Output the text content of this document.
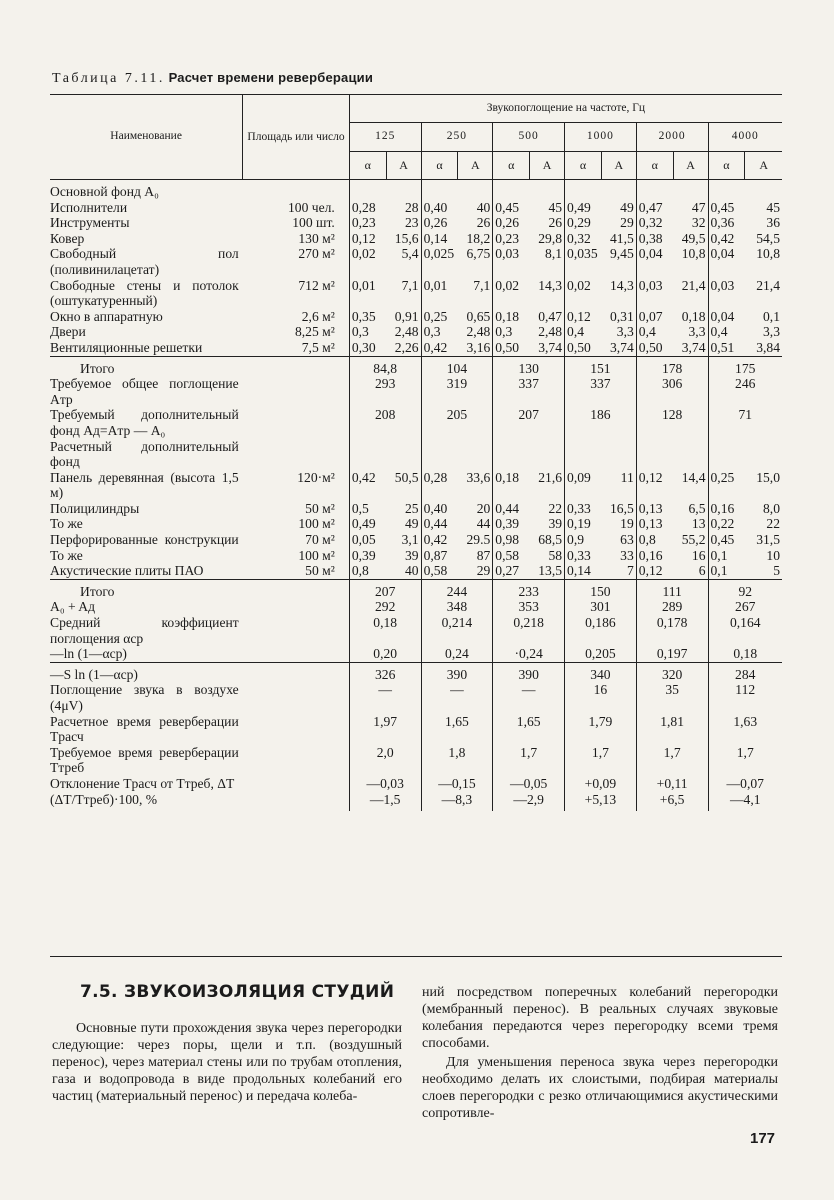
Таблица 7.11. Расчет времени реверберации
Наименование	Площадь или число	Звукопоглощение на частоте, Гц											
		125		250		500		1000		2000		4000	
		α	A	α	A	α	A	α	A	α	A	α	A

Основной фонд A₀													
Исполнители	100 чел.	0,28	28	0,40	40	0,45	45	0,49	49	0,47	47	0,45	45
Инструменты	100 шт.	0,23	23	0,26	26	0,26	26	0,29	29	0,32	32	0,36	36
Ковер	130 м²	0,12	15,6	0,14	18,2	0,23	29,8	0,32	41,5	0,38	49,5	0,42	54,5
Свободный пол (поливинилацетат)	270 м²	0,02	5,4	0,025	6,75	0,03	8,1	0,035	9,45	0,04	10,8	0,04	10,8
Свободные стены и потолок (оштукатуренный)	712 м²	0,01	7,1	0,01	7,1	0,02	14,3	0,02	14,3	0,03	21,4	0,03	21,4
Окно в аппаратную	2,6 м²	0,35	0,91	0,25	0,65	0,18	0,47	0,12	0,31	0,07	0,18	0,04	0,1
Двери	8,25 м²	0,3	2,48	0,3	2,48	0,3	2,48	0,4	3,3	0,4	3,3	0,4	3,3
Вентиляционные решетки	7,5 м²	0,30	2,26	0,42	3,16	0,50	3,74	0,50	3,74	0,50	3,74	0,51	3,84

Итого		84,8		104		130		151		178		175	
Требуемое общее поглощение Aтр		293		319		337		337		306		246	
Требуемый дополнительный фонд Aд=Aтр — A₀		208		205		207		186		128		71	
Расчетный дополнительный фонд													
Панель деревянная (высота 1,5 м)	120·м²	0,42	50,5	0,28	33,6	0,18	21,6	0,09	11	0,12	14,4	0,25	15,0
Полицилиндры	50 м²	0,5	25	0,40	20	0,44	22	0,33	16,5	0,13	6,5	0,16	8,0
То же	100 м²	0,49	49	0,44	44	0,39	39	0,19	19	0,13	13	0,22	22
Перфорированные конструкции	70 м²	0,05	3,1	0,42	29.5	0,98	68,5	0,9	63	0,8	55,2	0,45	31,5
То же	100 м²	0,39	39	0,87	87	0,58	58	0,33	33	0,16	16	0,1	10
Акустические плиты ПАО	50 м²	0,8	40	0,58	29	0,27	13,5	0,14	7	0,12	6	0,1	5

Итого		207		244		233		150		111		92	
A₀ + Aд		292		348		353		301		289		267	
Средний коэффициент поглощения αср		0,18		0,214		0,218		0,186		0,178		0,164	
—ln (1—αср)		0,20		0,24		·0,24		0,205		0,197		0,18	

—S ln (1—αср)		326		390		390		340		320		284	
Поглощение звука в воздухе (4μV)		—		—		—		16		35		112	
Расчетное время реверберации Tрасч		1,97		1,65		1,65		1,79		1,81		1,63	
Требуемое время реверберации Tтреб		2,0		1,8		1,7		1,7		1,7		1,7	
Отклонение Tрасч от Tтреб, ΔT		—0,03		—0,15		—0,05		+0,09		+0,11		—0,07	
(ΔT/Tтреб)·100, %		—1,5		—8,3		—2,9		+5,13		+6,5		—4,1	

7.5. ЗВУКОИЗОЛЯЦИЯ СТУДИЙ
Основные пути прохождения звука через перегородки следующие: через поры, щели и т.п. (воздушный перенос), через материал стены или по трубам отопления, газа и водопровода в виде продольных колебаний его частиц (материальный перенос) и передача колеба-

ний посредством поперечных колебаний перегородки (мембранный перенос). В реальных случаях звуковые колебания передаются через перегородку всеми тремя способами.

Для уменьшения переноса звука через перегородки необходимо делать их слоистыми, подбирая материалы слоев перегородки с резко отличающимися акустическими сопротивле-

177
